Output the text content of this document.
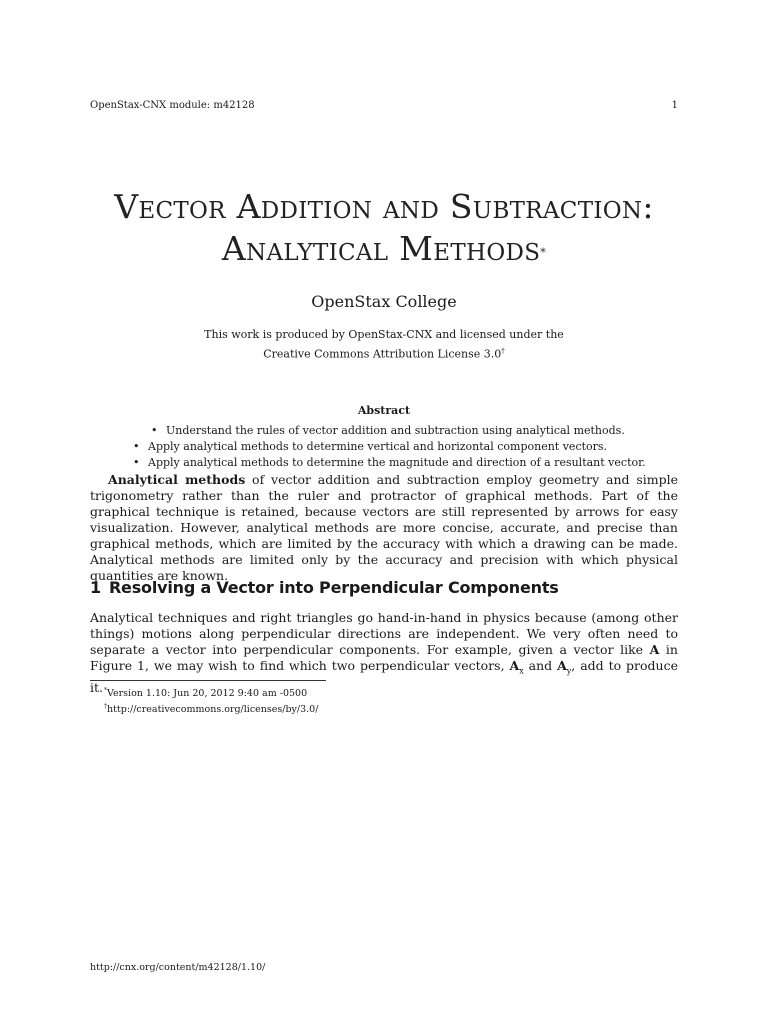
OpenStax-CNX module: m42128	1
Vector Addition and Subtraction:
Analytical Methods*
OpenStax College
This work is produced by OpenStax-CNX and licensed under the
Creative Commons Attribution License 3.0†
Abstract
• Understand the rules of vector addition and subtraction using analytical methods.
• Apply analytical methods to determine vertical and horizontal component vectors.
• Apply analytical methods to determine the magnitude and direction of a resultant vector.

Analytical methods of vector addition and subtraction employ geometry and simple trigonometry rather than the ruler and protractor of graphical methods. Part of the graphical technique is retained, because vectors are still represented by arrows for easy visualization. However, analytical methods are more concise, accurate, and precise than graphical methods, which are limited by the accuracy with which a drawing can be made. Analytical methods are limited only by the accuracy and precision with which physical quantities are known.

1 Resolving a Vector into Perpendicular Components

Analytical techniques and right triangles go hand-in-hand in physics because (among other things) motions along perpendicular directions are independent. We very often need to separate a vector into perpendicular components. For example, given a vector like A in Figure 1, we may wish to find which two perpendicular vectors, $A_x$ and $A_y$, add to produce it. *Version 1.10: Jun 20, 2012 9:40 am -0500
†http://creativecommons.org/licenses/by/3.0/
http://cnx.org/content/m42128/1.10/
